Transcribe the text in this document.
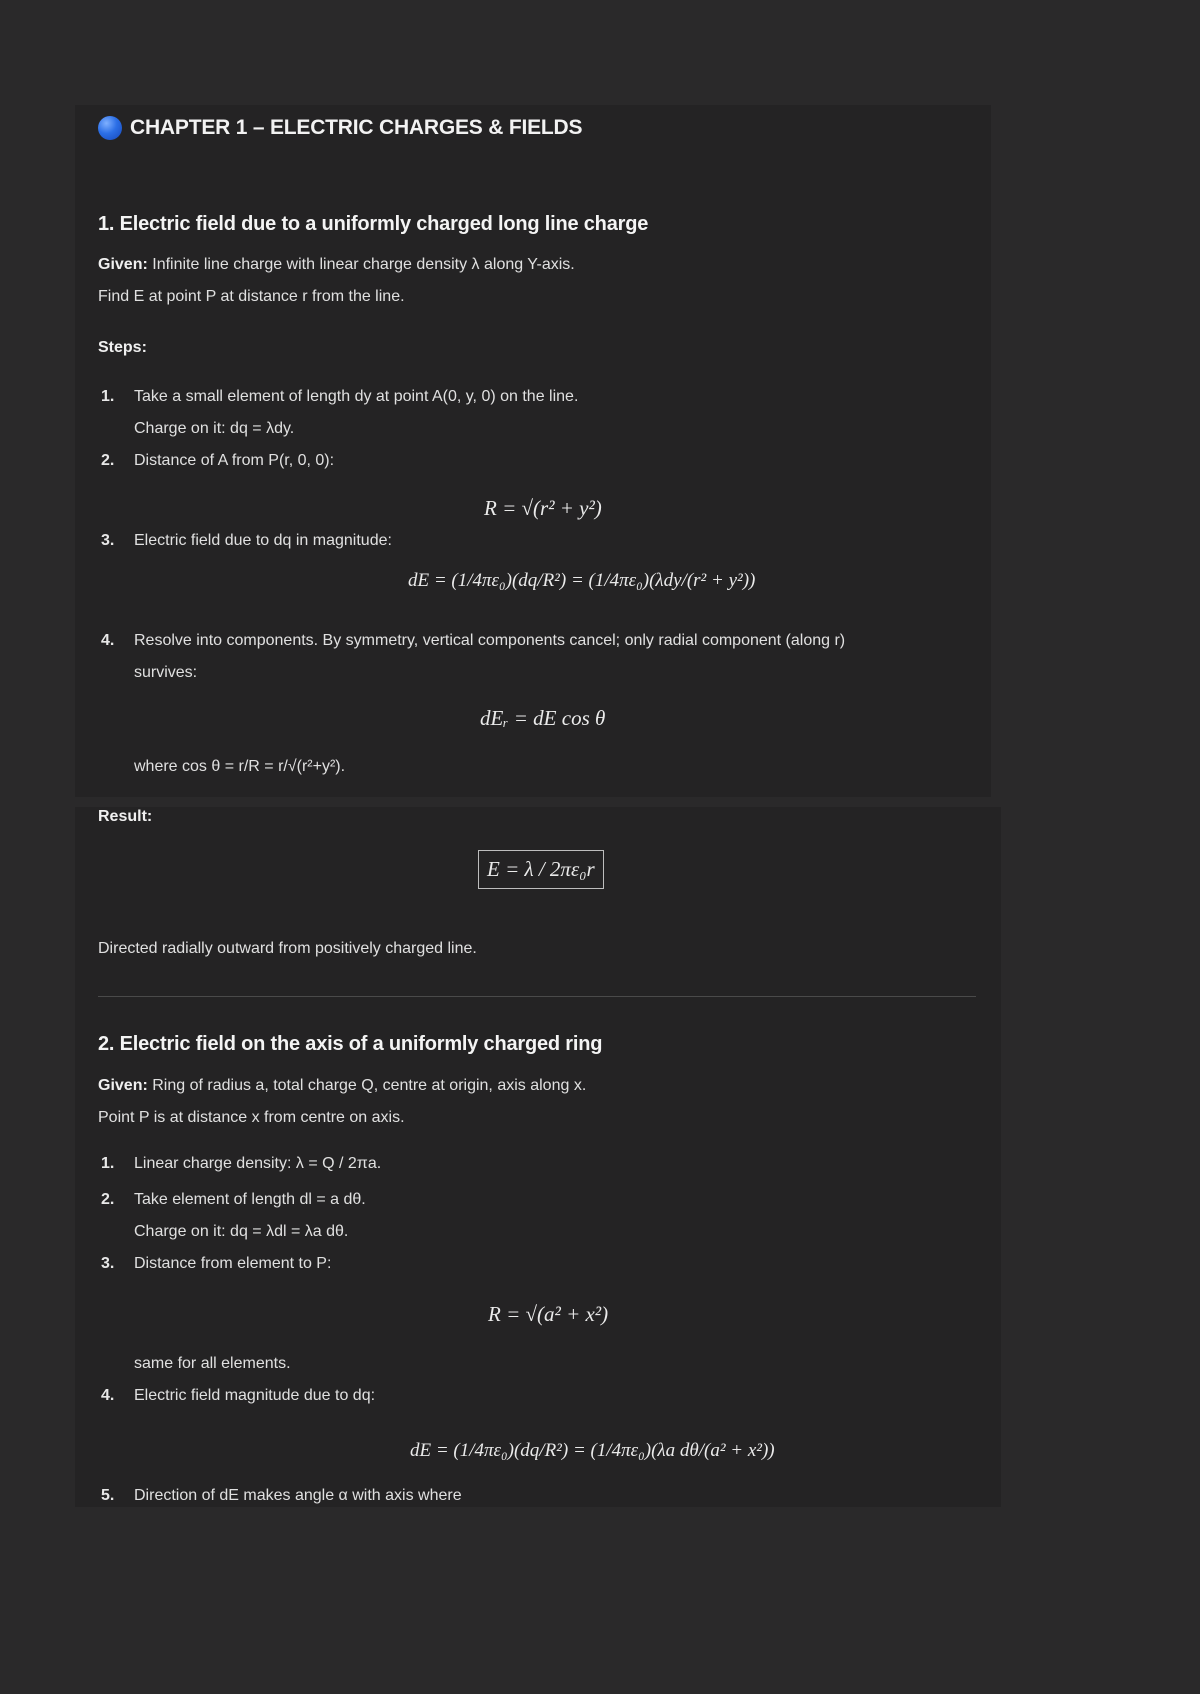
CHAPTER 1 – ELECTRIC CHARGES & FIELDS
1. Electric field due to a uniformly charged long line charge
Given: Infinite line charge with linear charge density λ along Y-axis.
Find E at point P at distance r from the line.
Steps:
1. Take a small element of length dy at point A(0, y, 0) on the line.
Charge on it: dq = λdy.
2. Distance of A from P(r, 0, 0):
R = √(r² + y²)
3. Electric field due to dq in magnitude:
dE = (1/4πε₀)(dq/R²) = (1/4πε₀)(λdy/(r² + y²))
4. Resolve into components. By symmetry, vertical components cancel; only radial component (along r)
survives:
dEᵣ = dE cos θ
where cos θ = r/R = r/√(r²+y²).
Result:
E = λ / 2πε₀r
Directed radially outward from positively charged line.
2. Electric field on the axis of a uniformly charged ring
Given: Ring of radius a, total charge Q, centre at origin, axis along x.
Point P is at distance x from centre on axis.
1. Linear charge density: λ = Q / 2πa.
2. Take element of length dl = a dθ.
Charge on it: dq = λdl = λa dθ.
3. Distance from element to P:
R = √(a² + x²)
same for all elements.
4. Electric field magnitude due to dq:
dE = (1/4πε₀)(dq/R²) = (1/4πε₀)(λa dθ/(a² + x²))
5. Direction of dE makes angle α with axis where
